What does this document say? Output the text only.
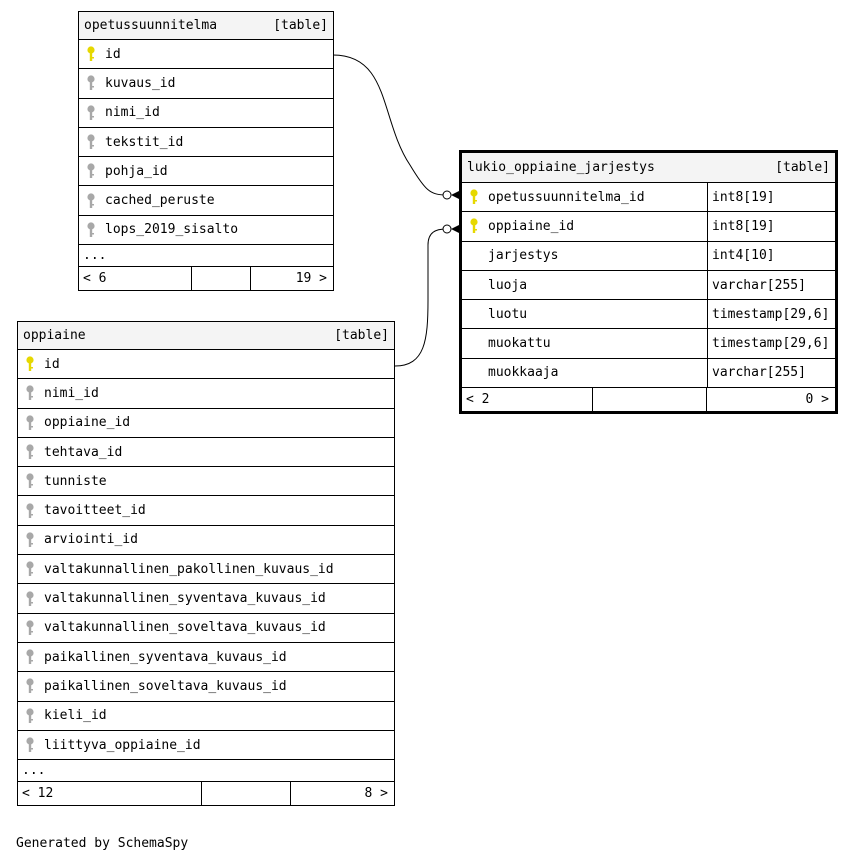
opetussuunnitelma	[table]
id
kuvaus_id
nimi_id
tekstit_id
pohja_id
cached_peruste
lops_2019_sisalto
...
< 6	19 >
oppiaine	[table]
id
nimi_id
oppiaine_id
tehtava_id
tunniste
tavoitteet_id
arviointi_id
valtakunnallinen_pakollinen_kuvaus_id
valtakunnallinen_syventava_kuvaus_id
valtakunnallinen_soveltava_kuvaus_id
paikallinen_syventava_kuvaus_id
paikallinen_soveltava_kuvaus_id
kieli_id
liittyva_oppiaine_id
...
< 12	8 >
lukio_oppiaine_jarjestys	[table]
opetussuunnitelma_id	int8[19]
oppiaine_id	int8[19]
jarjestys	int4[10]
luoja	varchar[255]
luotu	timestamp[29,6]
muokattu	timestamp[29,6]
muokkaaja	varchar[255]
< 2	0 >
Generated by SchemaSpy
